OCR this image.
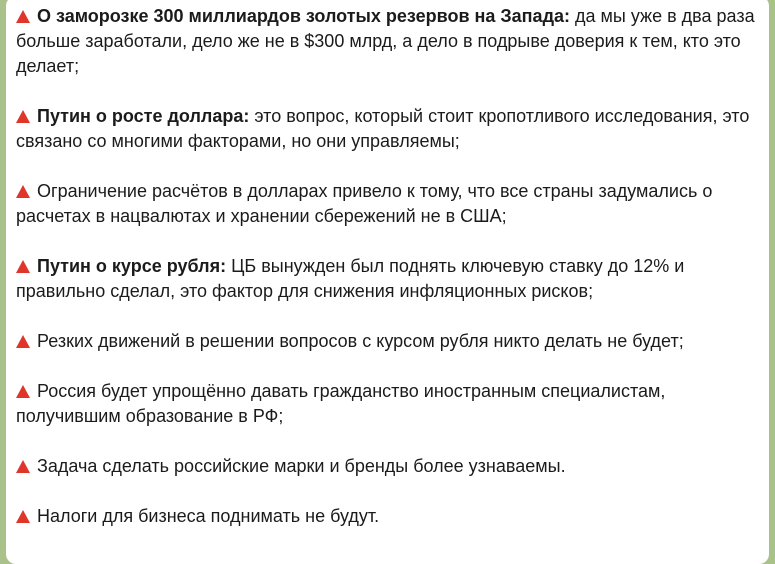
О заморозке 300 миллиардов золотых резервов на Запада: да мы уже в два раза больше заработали, дело же не в $300 млрд, а дело в подрыве доверия к тем, кто это делает;

Путин о росте доллара: это вопрос, который стоит кропотливого исследования, это связано со многими факторами, но они управляемы;

Ограничение расчётов в долларах привело к тому, что все страны задумались о расчетах в нацвалютах и хранении сбережений не в США;

Путин о курсе рубля: ЦБ вынужден был поднять ключевую ставку до 12% и правильно сделал, это фактор для снижения инфляционных рисков;

Резких движений в решении вопросов с курсом рубля никто делать не будет;

Россия будет упрощённо давать гражданство иностранным специалистам, получившим образование в РФ;

Задача сделать российские марки и бренды более узнаваемы.

Налоги для бизнеса поднимать не будут.
